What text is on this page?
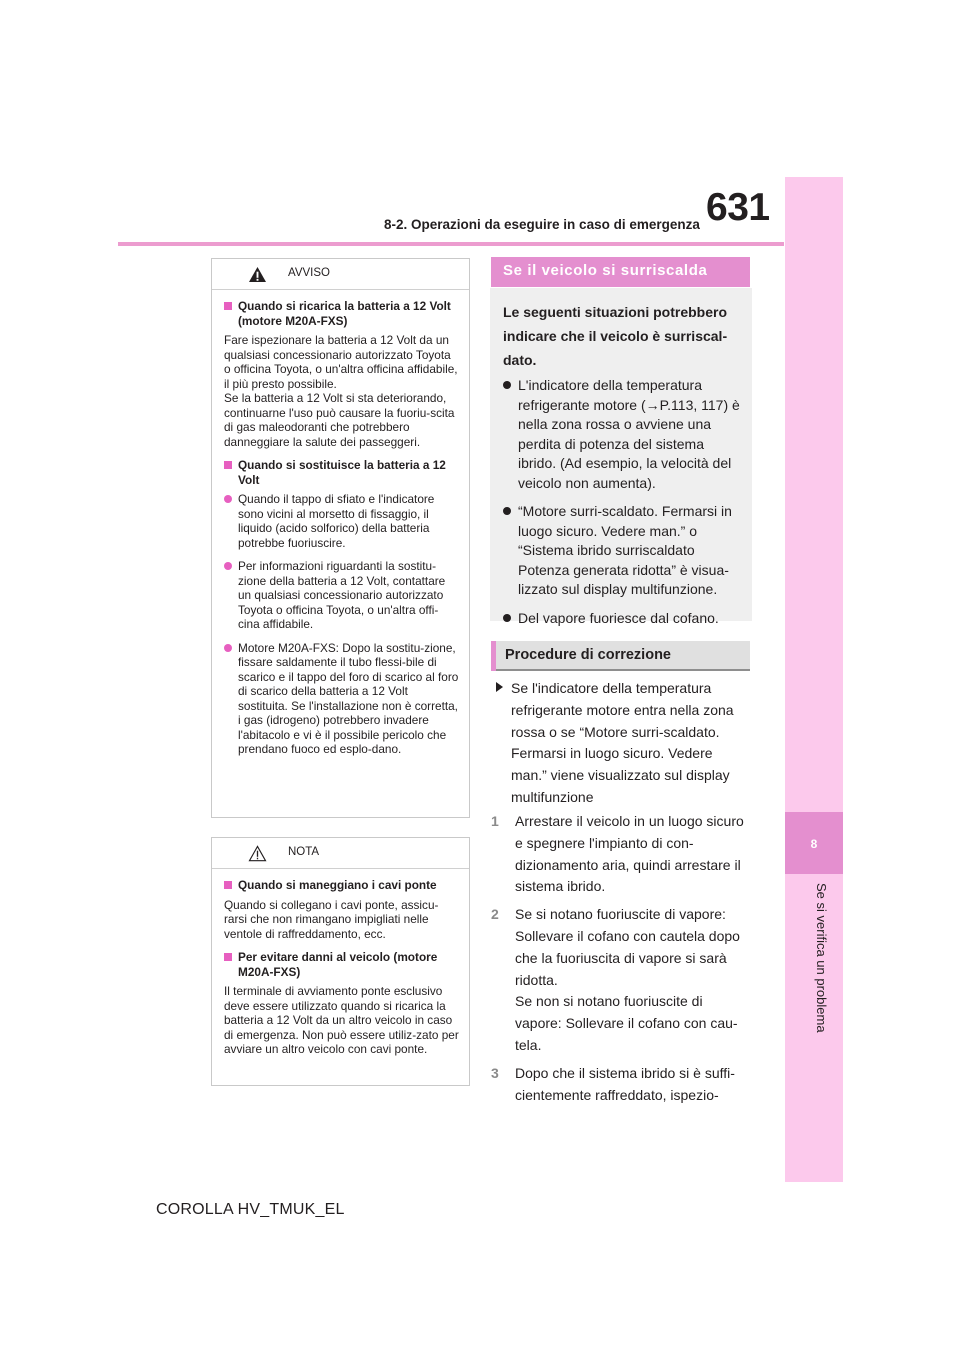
631
8-2. Operazioni da eseguire in caso di emergenza
8
Se si verifica un problema
AVVISO
Quando si ricarica la batteria a 12 Volt (motore M20A-FXS)
Fare ispezionare la batteria a 12 Volt da un qualsiasi concessionario autorizzato Toyota o officina Toyota, o un'altra officina affidabile, il più presto possibile.
Se la batteria a 12 Volt si sta deteriorando, continuarne l'uso può causare la fuoriu-scita di gas maleodoranti che potrebbero danneggiare la salute dei passeggeri.
Quando si sostituisce la batteria a 12 Volt
Quando il tappo di sfiato e l'indicatore sono vicini al morsetto di fissaggio, il liquido (acido solforico) della batteria potrebbe fuoriuscire.
Per informazioni riguardanti la sostitu-zione della batteria a 12 Volt, contattare un qualsiasi concessionario autorizzato Toyota o officina Toyota, o un'altra offi-cina affidabile.
Motore M20A-FXS: Dopo la sostitu-zione, fissare saldamente il tubo flessi-bile di scarico e il tappo del foro di scarico al foro di scarico della batteria a 12 Volt sostituita. Se l'installazione non è corretta, i gas (idrogeno) potrebbero invadere l'abitacolo e vi è il possibile pericolo che prendano fuoco ed esplo-dano.
NOTA
Quando si maneggiano i cavi ponte
Quando si collegano i cavi ponte, assicu-rarsi che non rimangano impigliati nelle ventole di raffreddamento, ecc.
Per evitare danni al veicolo (motore M20A-FXS)
Il terminale di avviamento ponte esclusivo deve essere utilizzato quando si ricarica la batteria a 12 Volt da un altro veicolo in caso di emergenza. Non può essere utiliz-zato per avviare un altro veicolo con cavi ponte.
Se il veicolo si surriscalda
Le seguenti situazioni potrebbero indicare che il veicolo è surriscal-dato.
L'indicatore della temperatura refrigerante motore (→P.113, 117) è nella zona rossa o avviene una perdita di potenza del sistema ibrido. (Ad esempio, la velocità del veicolo non aumenta).
“Motore surri-scaldato. Fermarsi in luogo sicuro. Vedere man.” o “Sistema ibrido surriscaldato Potenza generata ridotta” è visua-lizzato sul display multifunzione.
Del vapore fuoriesce dal cofano.
Procedure di correzione
Se l'indicatore della temperatura refrigerante motore entra nella zona rossa o se “Motore surri-scaldato. Fermarsi in luogo sicuro. Vedere man.” viene visualizzato sul display multifunzione
1 Arrestare il veicolo in un luogo sicuro e spegnere l'impianto di con-dizionamento aria, quindi arrestare il sistema ibrido.
2 Se si notano fuoriuscite di vapore: Sollevare il cofano con cautela dopo che la fuoriuscita di vapore si sarà ridotta.
Se non si notano fuoriuscite di vapore: Sollevare il cofano con cau-tela.
3 Dopo che il sistema ibrido si è suffi-cientemente raffreddato, ispezio-
COROLLA HV_TMUK_EL
